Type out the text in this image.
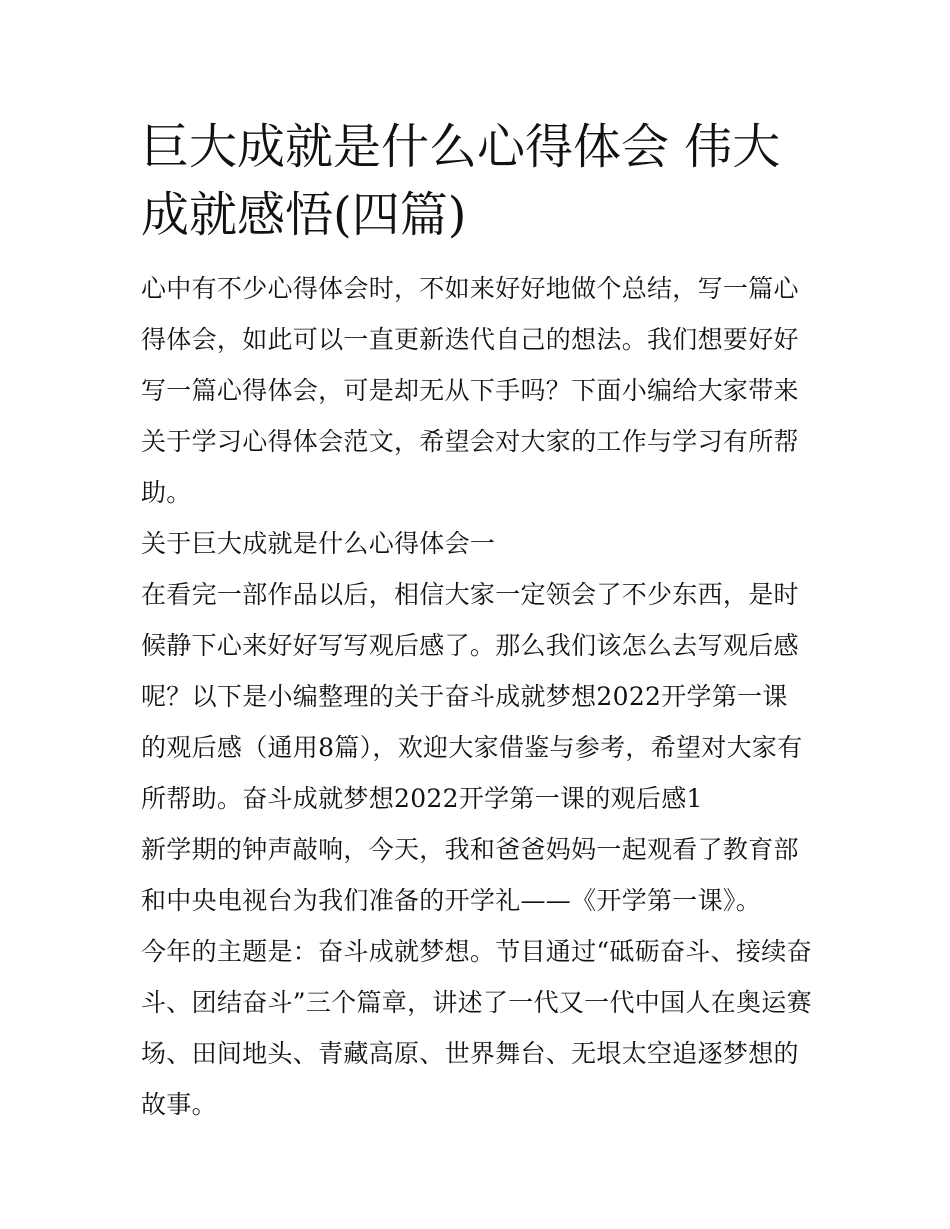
巨大成就是什么心得体会 伟大成就感悟(四篇)

心中有不少心得体会时，不如来好好地做个总结，写一篇心得体会，如此可以一直更新迭代自己的想法。我们想要好好写一篇心得体会，可是却无从下手吗？下面小编给大家带来关于学习心得体会范文，希望会对大家的工作与学习有所帮助。

关于巨大成就是什么心得体会一

在看完一部作品以后，相信大家一定领会了不少东西，是时候静下心来好好写写观后感了。那么我们该怎么去写观后感呢？以下是小编整理的关于奋斗成就梦想2022开学第一课的观后感（通用8篇），欢迎大家借鉴与参考，希望对大家有所帮助。奋斗成就梦想2022开学第一课的观后感1

新学期的钟声敲响，今天，我和爸爸妈妈一起观看了教育部和中央电视台为我们准备的开学礼——《开学第一课》。

今年的主题是：奋斗成就梦想。节目通过“砥砺奋斗、接续奋斗、团结奋斗”三个篇章，讲述了一代又一代中国人在奥运赛场、田间地头、青藏高原、世界舞台、无垠太空追逐梦想的故事。
